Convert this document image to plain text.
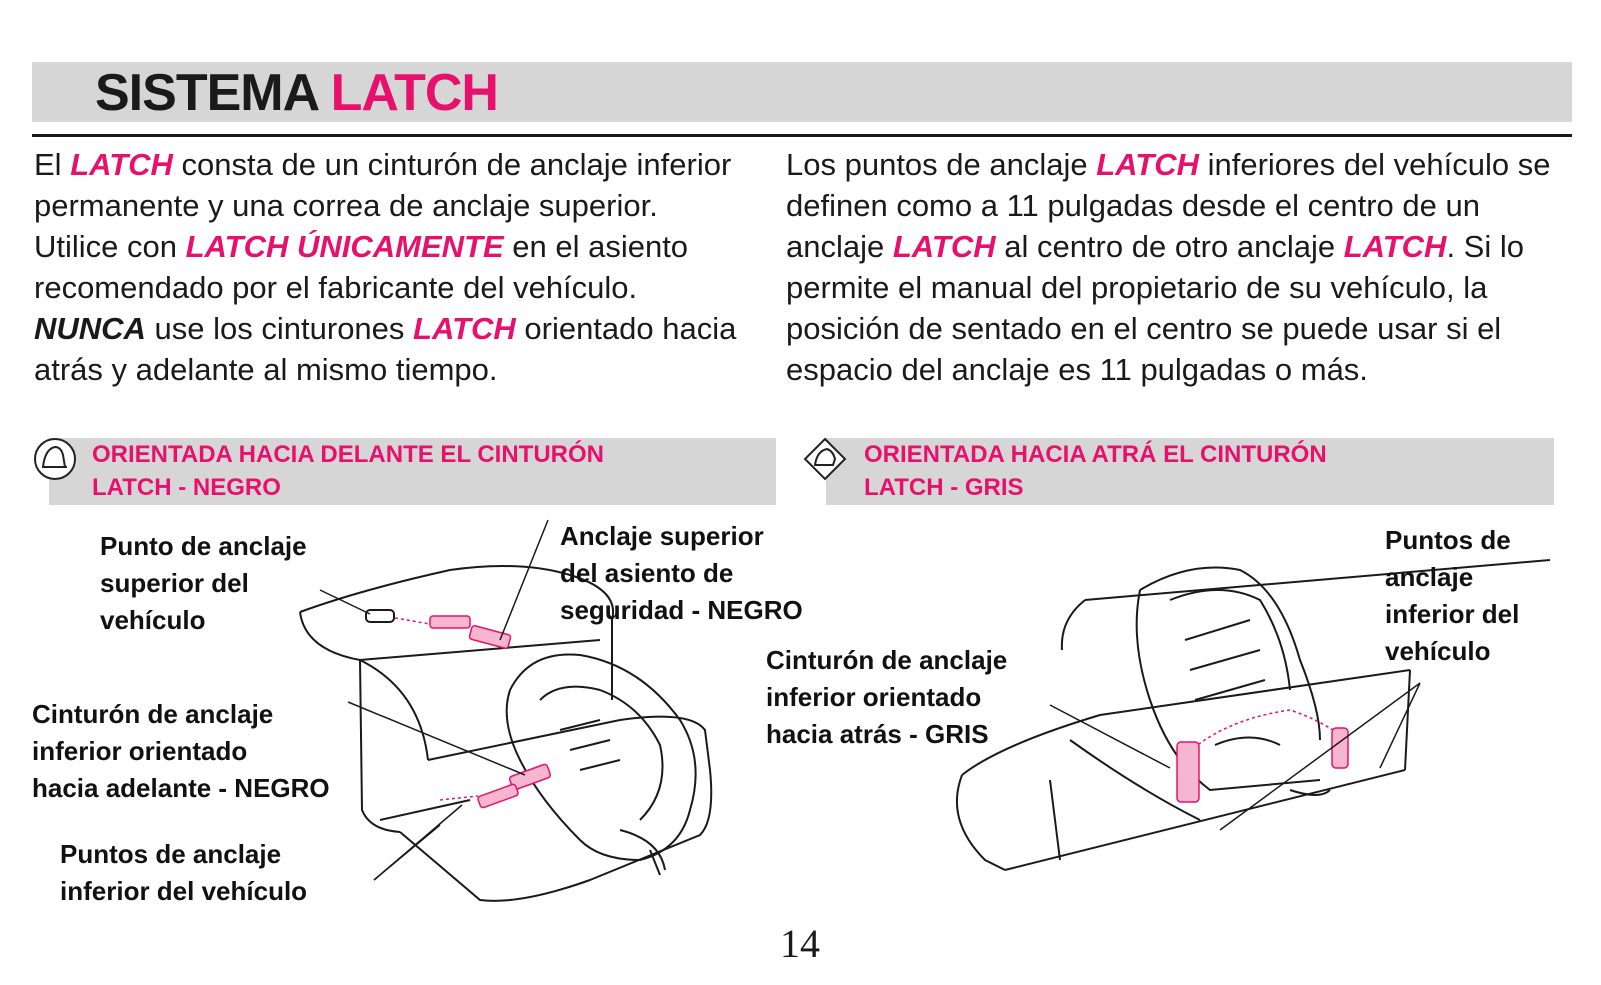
SISTEMA LATCH
El LATCH consta de un cinturón de anclaje inferior permanente y una correa de anclaje superior. Utilice con LATCH ÚNICAMENTE en el asiento recomendado por el fabricante del vehículo. NUNCA use los cinturones LATCH orientado hacia atrás y adelante al mismo tiempo.
Los puntos de anclaje LATCH inferiores del vehículo se definen como a 11 pulgadas desde el centro de un anclaje LATCH al centro de otro anclaje LATCH. Si lo permite el manual del propietario de su vehículo, la posición de sentado en el centro se puede usar si el espacio del anclaje es 11 pulgadas o más.
ORIENTADA HACIA DELANTE EL CINTURÓN
LATCH - NEGRO
ORIENTADA HACIA ATRÁ EL CINTURÓN
LATCH - GRIS
Punto de anclaje
superior del
vehículo
Anclaje superior
del asiento de
seguridad - NEGRO
Cinturón de anclaje
inferior orientado
hacia adelante - NEGRO
Puntos de anclaje
inferior del vehículo
Cinturón de anclaje
inferior orientado
hacia atrás - GRIS
Puntos de
anclaje
inferior del
vehículo
14
